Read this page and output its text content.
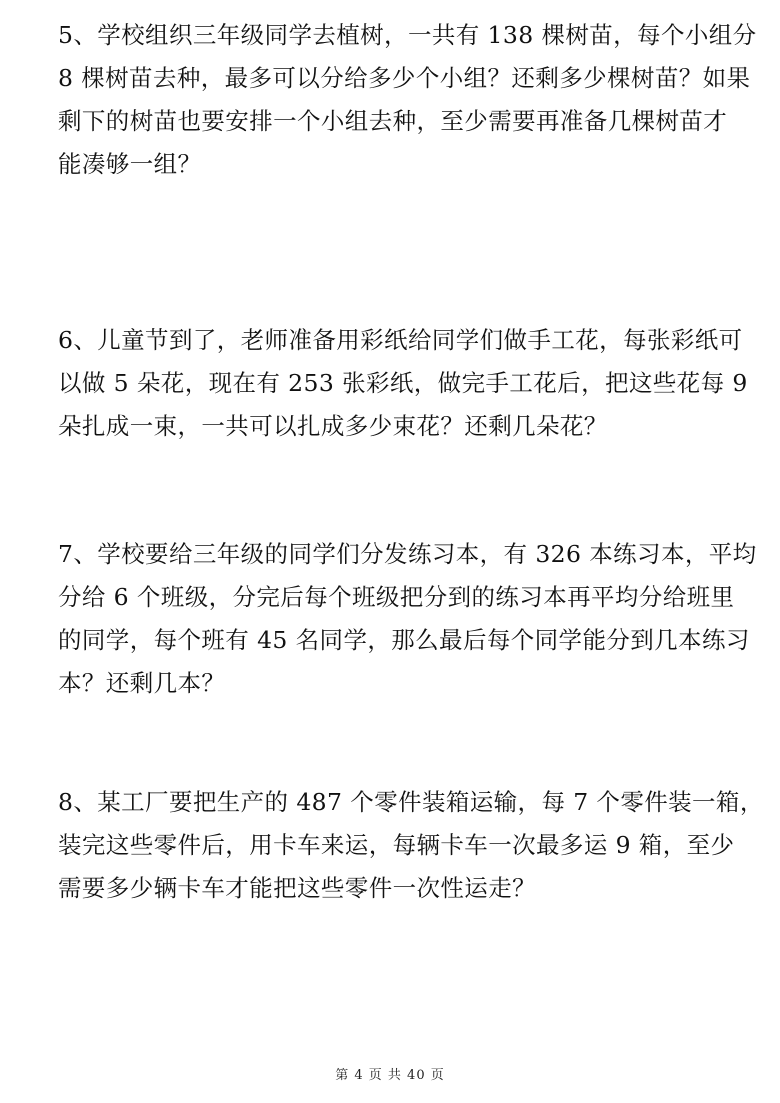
5、学校组织三年级同学去植树，一共有 138 棵树苗，每个小组分
8 棵树苗去种，最多可以分给多少个小组？还剩多少棵树苗？如果
剩下的树苗也要安排一个小组去种，至少需要再准备几棵树苗才
能凑够一组？
6、儿童节到了，老师准备用彩纸给同学们做手工花，每张彩纸可
以做 5 朵花，现在有 253 张彩纸，做完手工花后，把这些花每 9
朵扎成一束，一共可以扎成多少束花？还剩几朵花？
7、学校要给三年级的同学们分发练习本，有 326 本练习本，平均
分给 6 个班级，分完后每个班级把分到的练习本再平均分给班里
的同学，每个班有 45 名同学，那么最后每个同学能分到几本练习
本？还剩几本？
8、某工厂要把生产的 487 个零件装箱运输，每 7 个零件装一箱，
装完这些零件后，用卡车来运，每辆卡车一次最多运 9 箱，至少
需要多少辆卡车才能把这些零件一次性运走？
第 4 页 共 40 页
